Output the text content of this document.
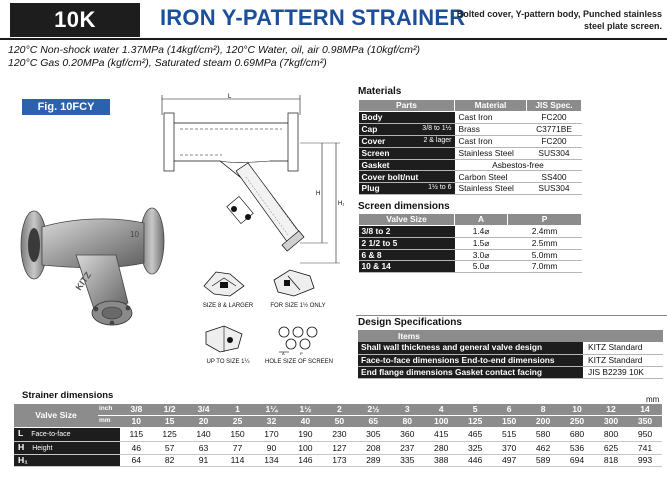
10K	IRON Y-PATTERN STRAINER
Bolted cover, Y-pattern body, Punched stainless steel plate screen.
120°C Non-shock water 1.37MPa (14kgf/cm²), 120°C Water, oil, air 0.98MPa (10kgf/cm²)
120°C Gas 0.20MPa (kgf/cm²), Saturated steam 0.69MPa (7kgf/cm²)
Fig. 10FCY
KITZ
10
L
H
H₁
SIZE 8 & LARGER	FOR SIZE 1½ ONLY
UP TO SIZE 1¼
A	P
HOLE SIZE OF SCREEN
Materials
Parts		Material	JIS Spec.
Body		Cast Iron	FC200
Cap	3/8 to 1½	Brass	C3771BE
Cover	2 & lager	Cast Iron	FC200
Screen		Stainless Steel	SUS304
Gasket		Asbestos-free	
Cover bolt/nut		Carbon Steel	SS400
Plug	1½ to 6	Stainless Steel	SUS304
Screen dimensions
Valve Size	A	P
3/8 to 2	1.4⌀	2.4mm
2 1/2 to 5	1.5⌀	2.5mm
6 & 8	3.0⌀	5.0mm
10 & 14	5.0⌀	7.0mm
Design Specifications
Items	
Shall wall thickness and general valve design	KITZ Standard
Face-to-face dimensions End-to-end dimensions	KITZ Standard
End flange dimensions Gasket contact facing	JIS B2239 10K
Strainer dimensions	mm
Valve Size	inch	3/8	1/2	3/4	1	1¼	1½	2	2½	3	4	5	6	8	10	12	14
	mm	10	15	20	25	32	40	50	65	80	100	125	150	200	250	300	350
L Face-to-face		115	125	140	150	170	190	230	305	360	415	465	515	580	680	800	950
H Height		46	57	63	77	90	100	127	208	237	280	325	370	462	536	625	741
H₁		64	82	91	114	134	146	173	289	335	388	446	497	589	694	818	993
